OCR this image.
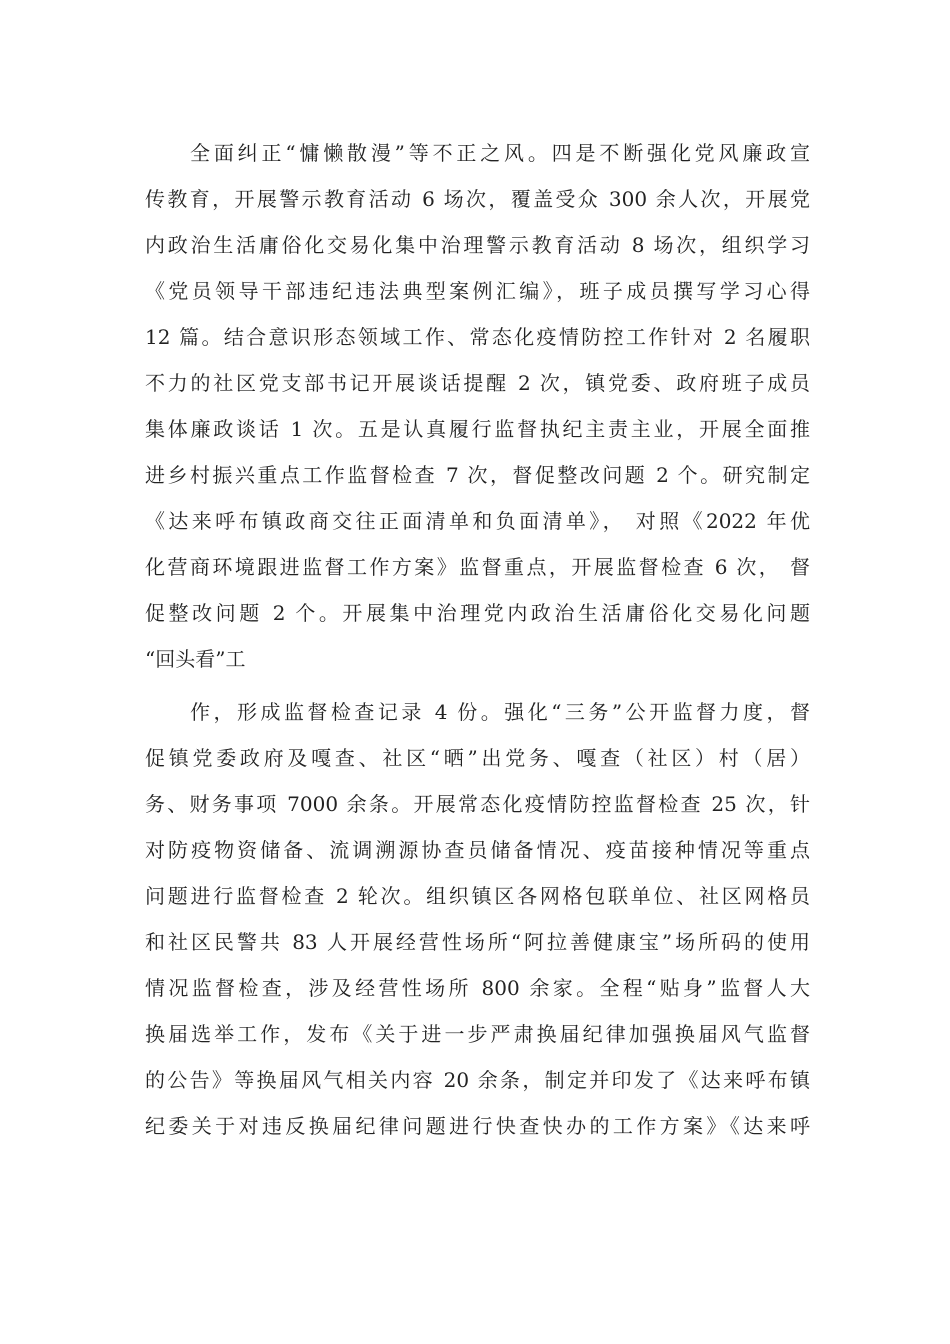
全面纠正“慵懒散漫”等不正之风。四是不断强化党风廉政宣
传教育，开展警示教育活动 6 场次，覆盖受众 300 余人次，开展党
内政治生活庸俗化交易化集中治理警示教育活动 8 场次，组织学习
《党员领导干部违纪违法典型案例汇编》，班子成员撰写学习心得
12 篇。结合意识形态领域工作、常态化疫情防控工作针对 2 名履职
不力的社区党支部书记开展谈话提醒 2 次，镇党委、政府班子成员
集体廉政谈话 1 次。五是认真履行监督执纪主责主业，开展全面推
进乡村振兴重点工作监督检查 7 次，督促整改问题 2 个。研究制定
《达来呼布镇政商交往正面清单和负面清单》， 对照《2022 年优
化营商环境跟进监督工作方案》监督重点，开展监督检查 6 次， 督
促整改问题 2 个。开展集中治理党内政治生活庸俗化交易化问题
“回头看”工
作，形成监督检查记录 4 份。强化“三务”公开监督力度，督
促镇党委政府及嘎查、社区“晒”出党务、嘎查（社区）村（居）
务、财务事项 7000 余条。开展常态化疫情防控监督检查 25 次，针
对防疫物资储备、流调溯源协查员储备情况、疫苗接种情况等重点
问题进行监督检查 2 轮次。组织镇区各网格包联单位、社区网格员
和社区民警共 83 人开展经营性场所“阿拉善健康宝”场所码的使用
情况监督检查，涉及经营性场所 800 余家。全程“贴身”监督人大
换届选举工作，发布《关于进一步严肃换届纪律加强换届风气监督
的公告》等换届风气相关内容 20 余条，制定并印发了《达来呼布镇
纪委关于对违反换届纪律问题进行快查快办的工作方案》《达来呼
